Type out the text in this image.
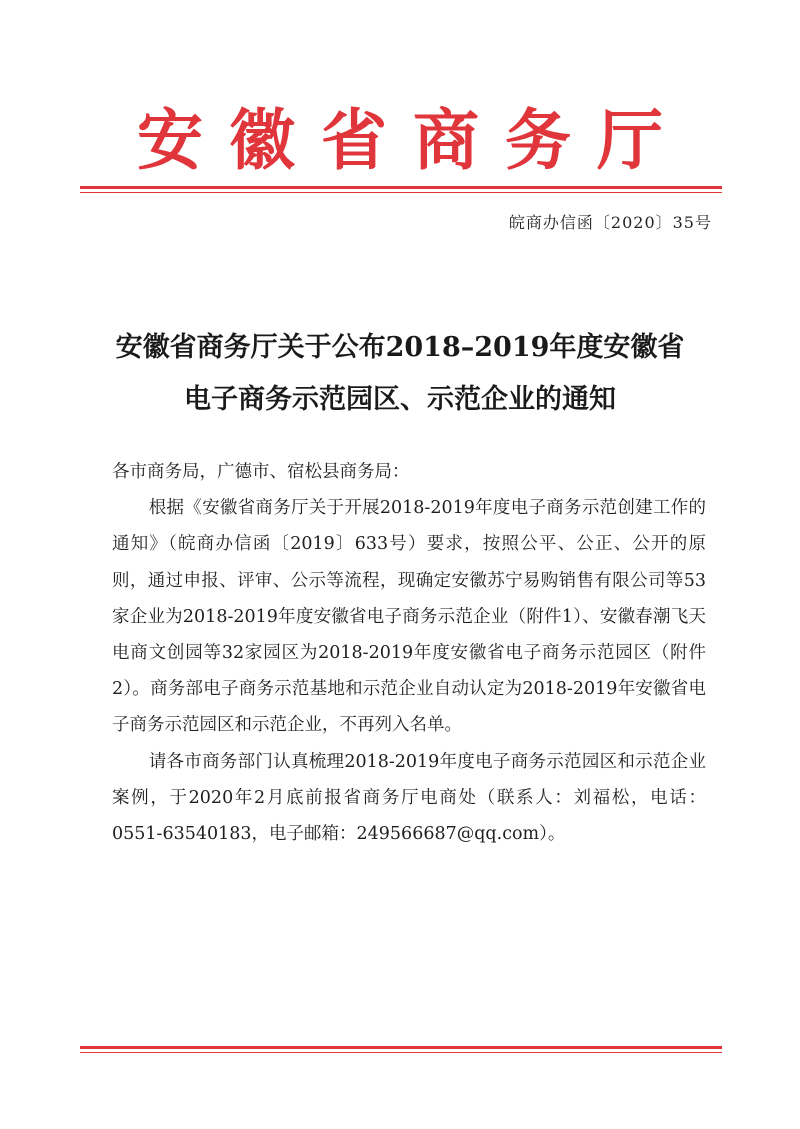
安徽省商务厅
皖商办信函〔2020〕35号
安徽省商务厅关于公布2018–2019年度安徽省
电子商务示范园区、示范企业的通知

各市商务局，广德市、宿松县商务局：

根据《安徽省商务厅关于开展2018-2019年度电子商务示范创建工作的通知》（皖商办信函〔2019〕633号）要求，按照公平、公正、公开的原则，通过申报、评审、公示等流程，现确定安徽苏宁易购销售有限公司等53家企业为2018-2019年度安徽省电子商务示范企业（附件1）、安徽春潮飞天电商文创园等32家园区为2018-2019年度安徽省电子商务示范园区（附件2）。商务部电子商务示范基地和示范企业自动认定为2018-2019年安徽省电子商务示范园区和示范企业，不再列入名单。

请各市商务部门认真梳理2018-2019年度电子商务示范园区和示范企业案例，于2020年2月底前报省商务厅电商处（联系人：刘福松，电话：0551-63540183，电子邮箱：249566687@qq.com）。
